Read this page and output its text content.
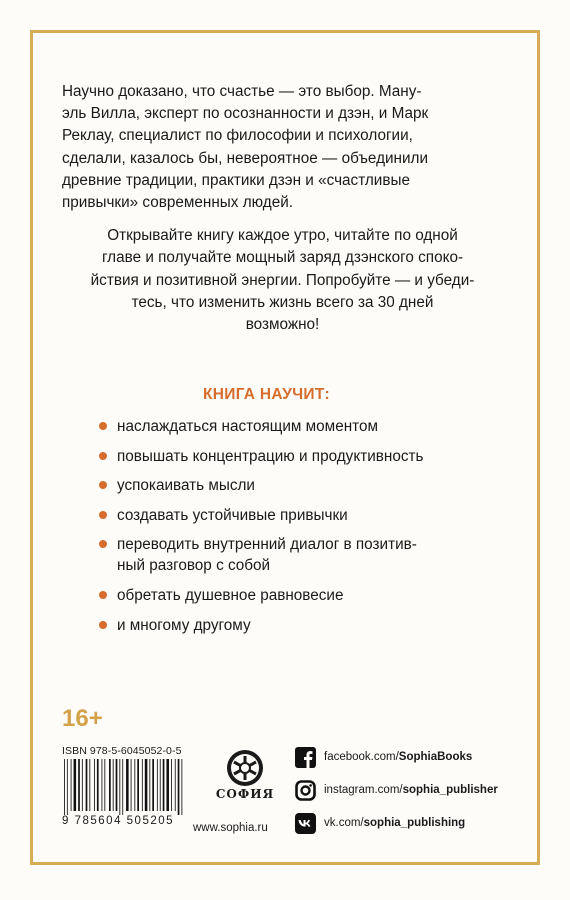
Научно доказано, что счастье — это выбор. Ману-
эль Вилла, эксперт по осознанности и дзэн, и Марк
Реклау, специалист по философии и психологии,
сделали, казалось бы, невероятное — объединили
древние традиции, практики дзэн и «счастливые
привычки» современных людей.

Открывайте книгу каждое утро, читайте по одной
главе и получайте мощный заряд дзэнского споко-
йствия и позитивной энергии. Попробуйте — и убеди-
тесь, что изменить жизнь всего за 30 дней
возможно!

КНИГА НАУЧИТ:
наслаждаться настоящим моментом
повышать концентрацию и продуктивность
успокаивать мысли
создавать устойчивые привычки
переводить внутренний диалог в позитив-
ный разговор с собой
обретать душевное равновесие
и многому другому
16+
ISBN 978-5-6045052-0-5
9 785604 505205
СОФИЯ
www.sophia.ru
facebook.com/SophiaBooks
instagram.com/sophia_publisher
vk.com/sophia_publishing
